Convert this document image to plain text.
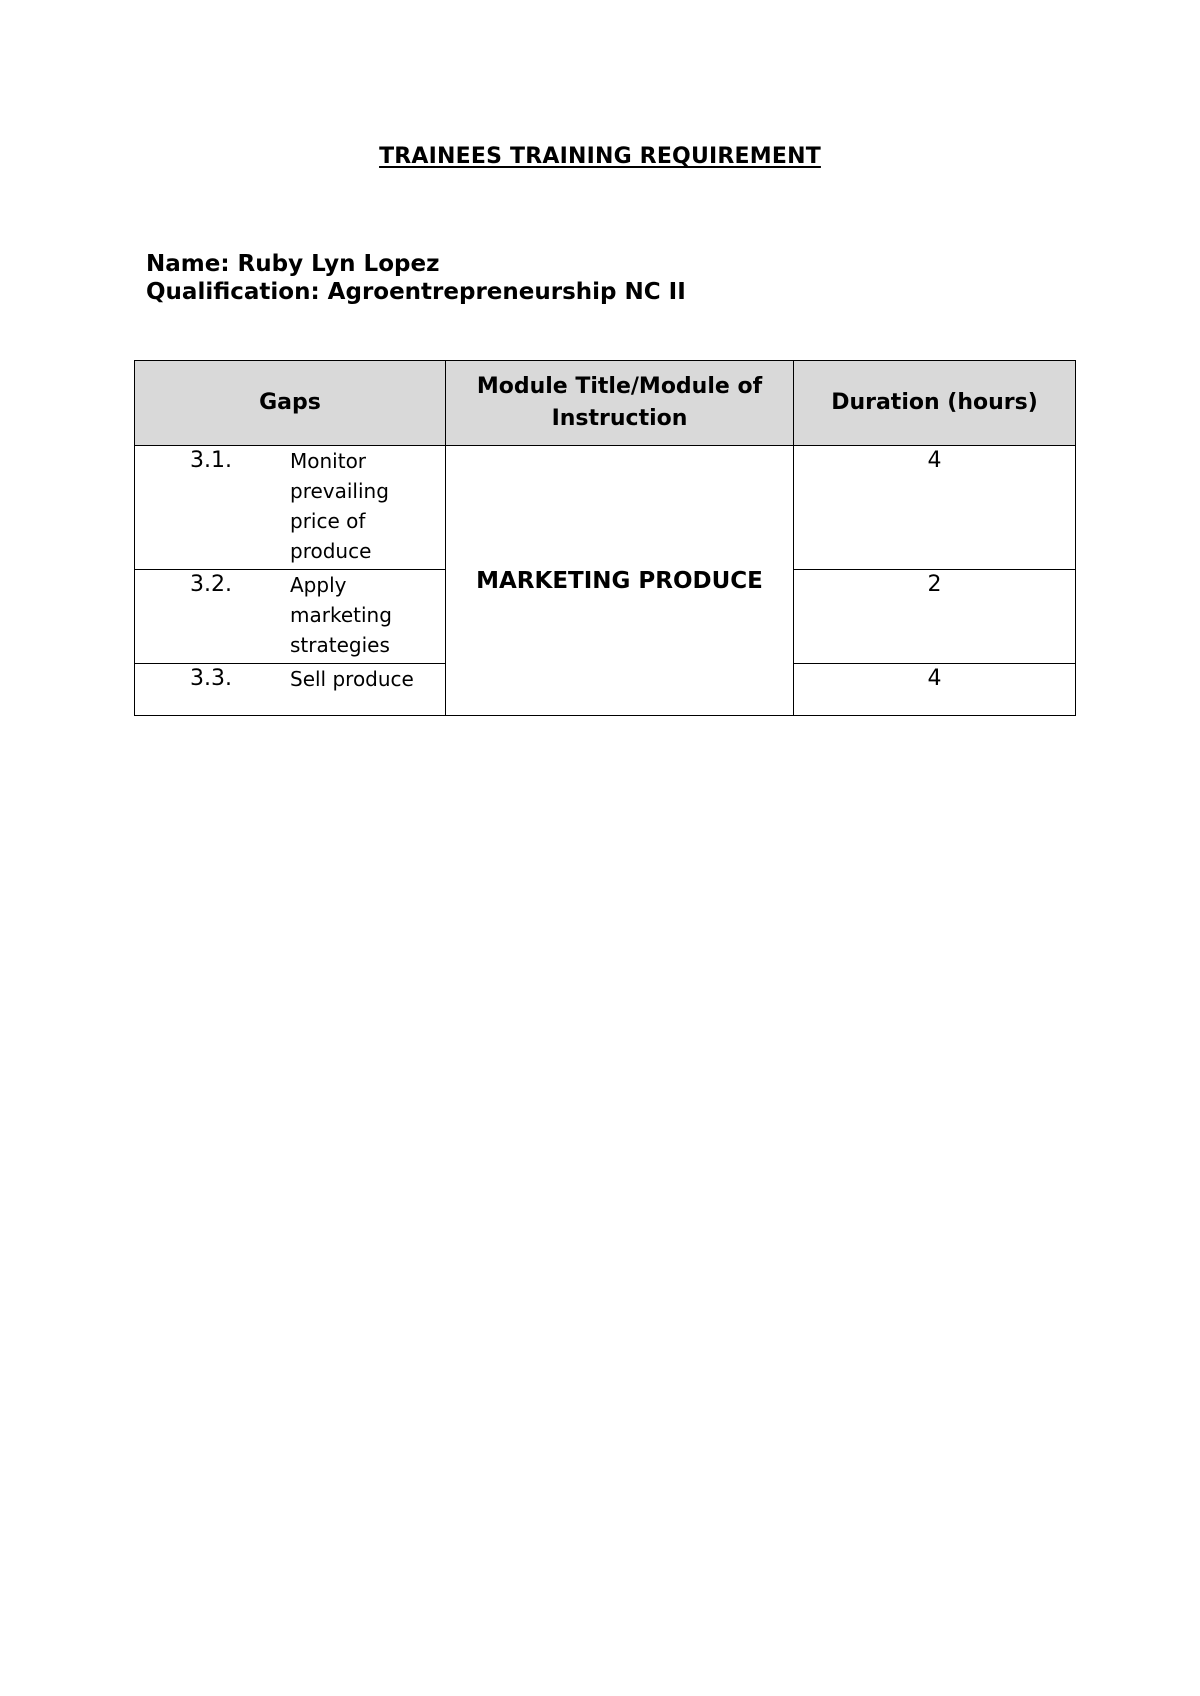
TRAINEES TRAINING REQUIREMENT
Name: Ruby Lyn Lopez
Qualification: Agroentrepreneurship NC II
Gaps	Module Title/Module of Instruction	Duration (hours)

3.1. Monitor prevailing price of produce	MARKETING PRODUCE	4

3.2. Apply marketing strategies		2

3.3. Sell produce		4
